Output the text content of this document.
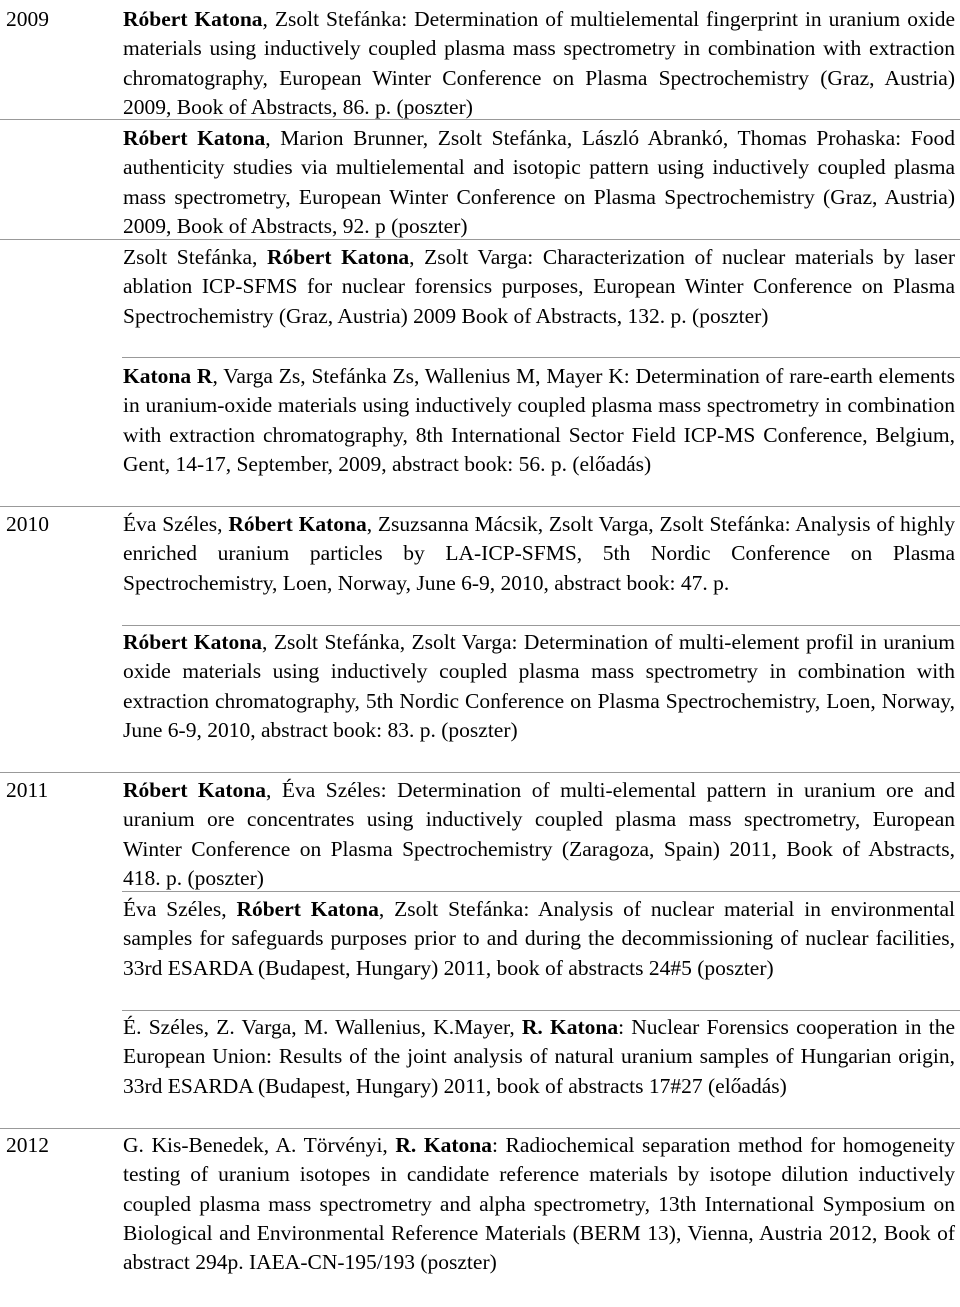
2009	Róbert Katona, Zsolt Stefánka: Determination of multielemental fingerprint in uranium oxide materials using inductively coupled plasma mass spectrometry in combination with extraction chromatography, European Winter Conference on Plasma Spectrochemistry (Graz, Austria) 2009, Book of Abstracts, 86. p. (poszter)
Róbert Katona, Marion Brunner, Zsolt Stefánka, László Abrankó, Thomas Prohaska: Food authenticity studies via multielemental and isotopic pattern using inductively coupled plasma mass spectrometry, European Winter Conference on Plasma Spectrochemistry (Graz, Austria) 2009, Book of Abstracts, 92. p (poszter)
Zsolt Stefánka, Róbert Katona, Zsolt Varga: Characterization of nuclear materials by laser ablation ICP-SFMS for nuclear forensics purposes, European Winter Conference on Plasma Spectrochemistry (Graz, Austria) 2009 Book of Abstracts, 132. p. (poszter)
Katona R, Varga Zs, Stefánka Zs, Wallenius M, Mayer K: Determination of rare-earth elements in uranium-oxide materials using inductively coupled plasma mass spectrometry in combination with extraction chromatography, 8th International Sector Field ICP-MS Conference, Belgium, Gent, 14-17, September, 2009, abstract book: 56. p. (előadás)
2010	Éva Széles, Róbert Katona, Zsuzsanna Mácsik, Zsolt Varga, Zsolt Stefánka: Analysis of highly enriched uranium particles by LA-ICP-SFMS, 5th Nordic Conference on Plasma Spectrochemistry, Loen, Norway, June 6-9, 2010, abstract book: 47. p.
Róbert Katona, Zsolt Stefánka, Zsolt Varga: Determination of multi-element profil in uranium oxide materials using inductively coupled plasma mass spectrometry in combination with extraction chromatography, 5th Nordic Conference on Plasma Spectrochemistry, Loen, Norway, June 6-9, 2010, abstract book: 83. p. (poszter)
2011	Róbert Katona, Éva Széles: Determination of multi-elemental pattern in uranium ore and uranium ore concentrates using inductively coupled plasma mass spectrometry, European Winter Conference on Plasma Spectrochemistry (Zaragoza, Spain) 2011, Book of Abstracts, 418. p. (poszter)
Éva Széles, Róbert Katona, Zsolt Stefánka: Analysis of nuclear material in environmental samples for safeguards purposes prior to and during the decommissioning of nuclear facilities, 33rd ESARDA (Budapest, Hungary) 2011, book of abstracts 24#5 (poszter)
É. Széles, Z. Varga, M. Wallenius, K.Mayer, R. Katona: Nuclear Forensics cooperation in the European Union: Results of the joint analysis of natural uranium samples of Hungarian origin, 33rd ESARDA (Budapest, Hungary) 2011, book of abstracts 17#27 (előadás)
2012	G. Kis-Benedek, A. Törvényi, R. Katona: Radiochemical separation method for homogeneity testing of uranium isotopes in candidate reference materials by isotope dilution inductively coupled plasma mass spectrometry and alpha spectrometry, 13th International Symposium on Biological and Environmental Reference Materials (BERM 13), Vienna, Austria 2012, Book of abstract 294p. IAEA-CN-195/193 (poszter)
